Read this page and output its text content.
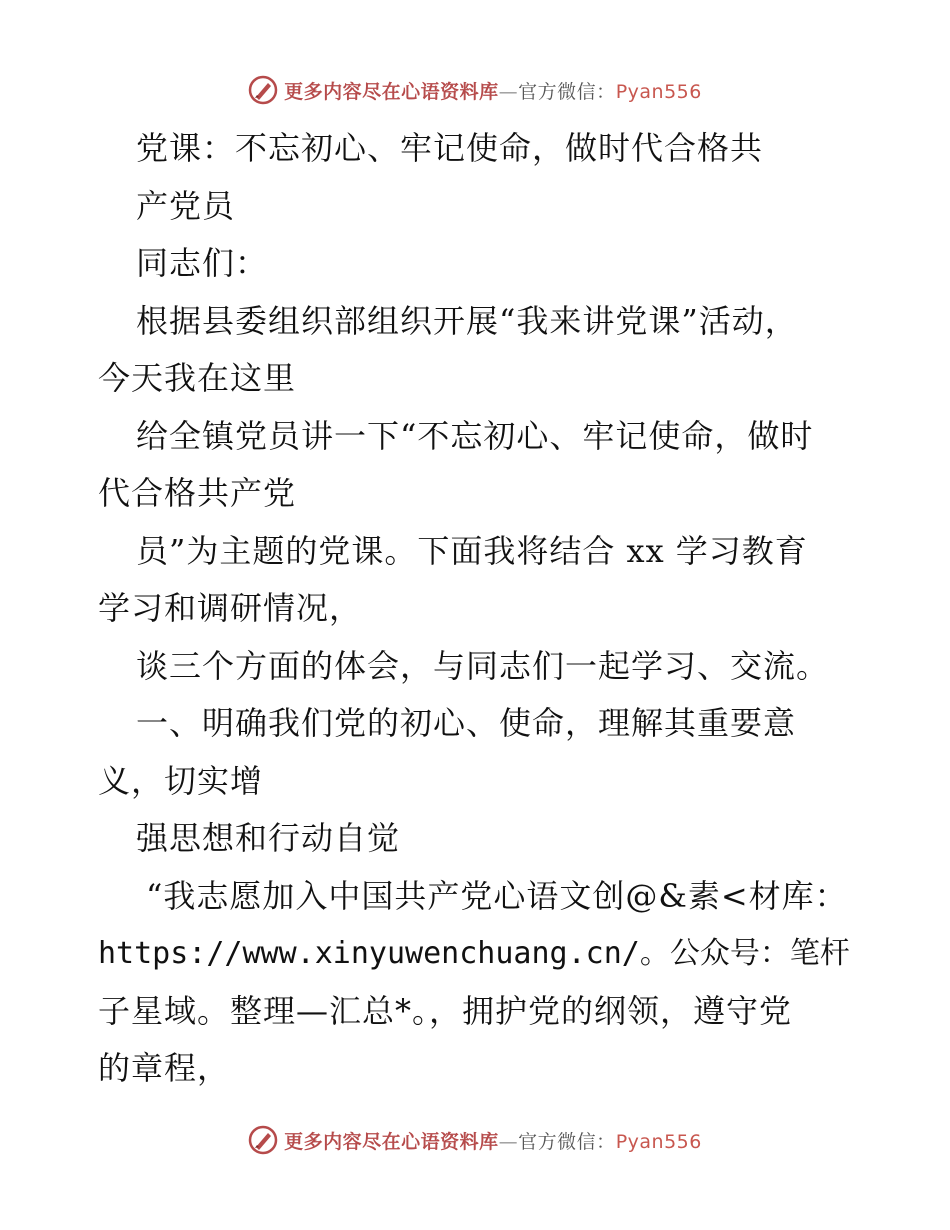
更多内容尽在心语资料库—官方微信：Pyan556
党课：不忘初心、牢记使命，做时代合格共
产党员
同志们：
根据县委组织部组织开展“我来讲党课”活动，
今天我在这里
给全镇党员讲一下“不忘初心、牢记使命，做时
代合格共产党
员”为主题的党课。下面我将结合 xx 学习教育
学习和调研情况，
谈三个方面的体会，与同志们一起学习、交流。
一、明确我们党的初心、使命，理解其重要意
义，切实增
强思想和行动自觉
“我志愿加入中国共产党心语文创@&素<材库：
https://www.xinyuwenchuang.cn/。公众号：笔杆
子星域。整理—汇总*。，拥护党的纲领，遵守党
的章程，
更多内容尽在心语资料库—官方微信：Pyan556
